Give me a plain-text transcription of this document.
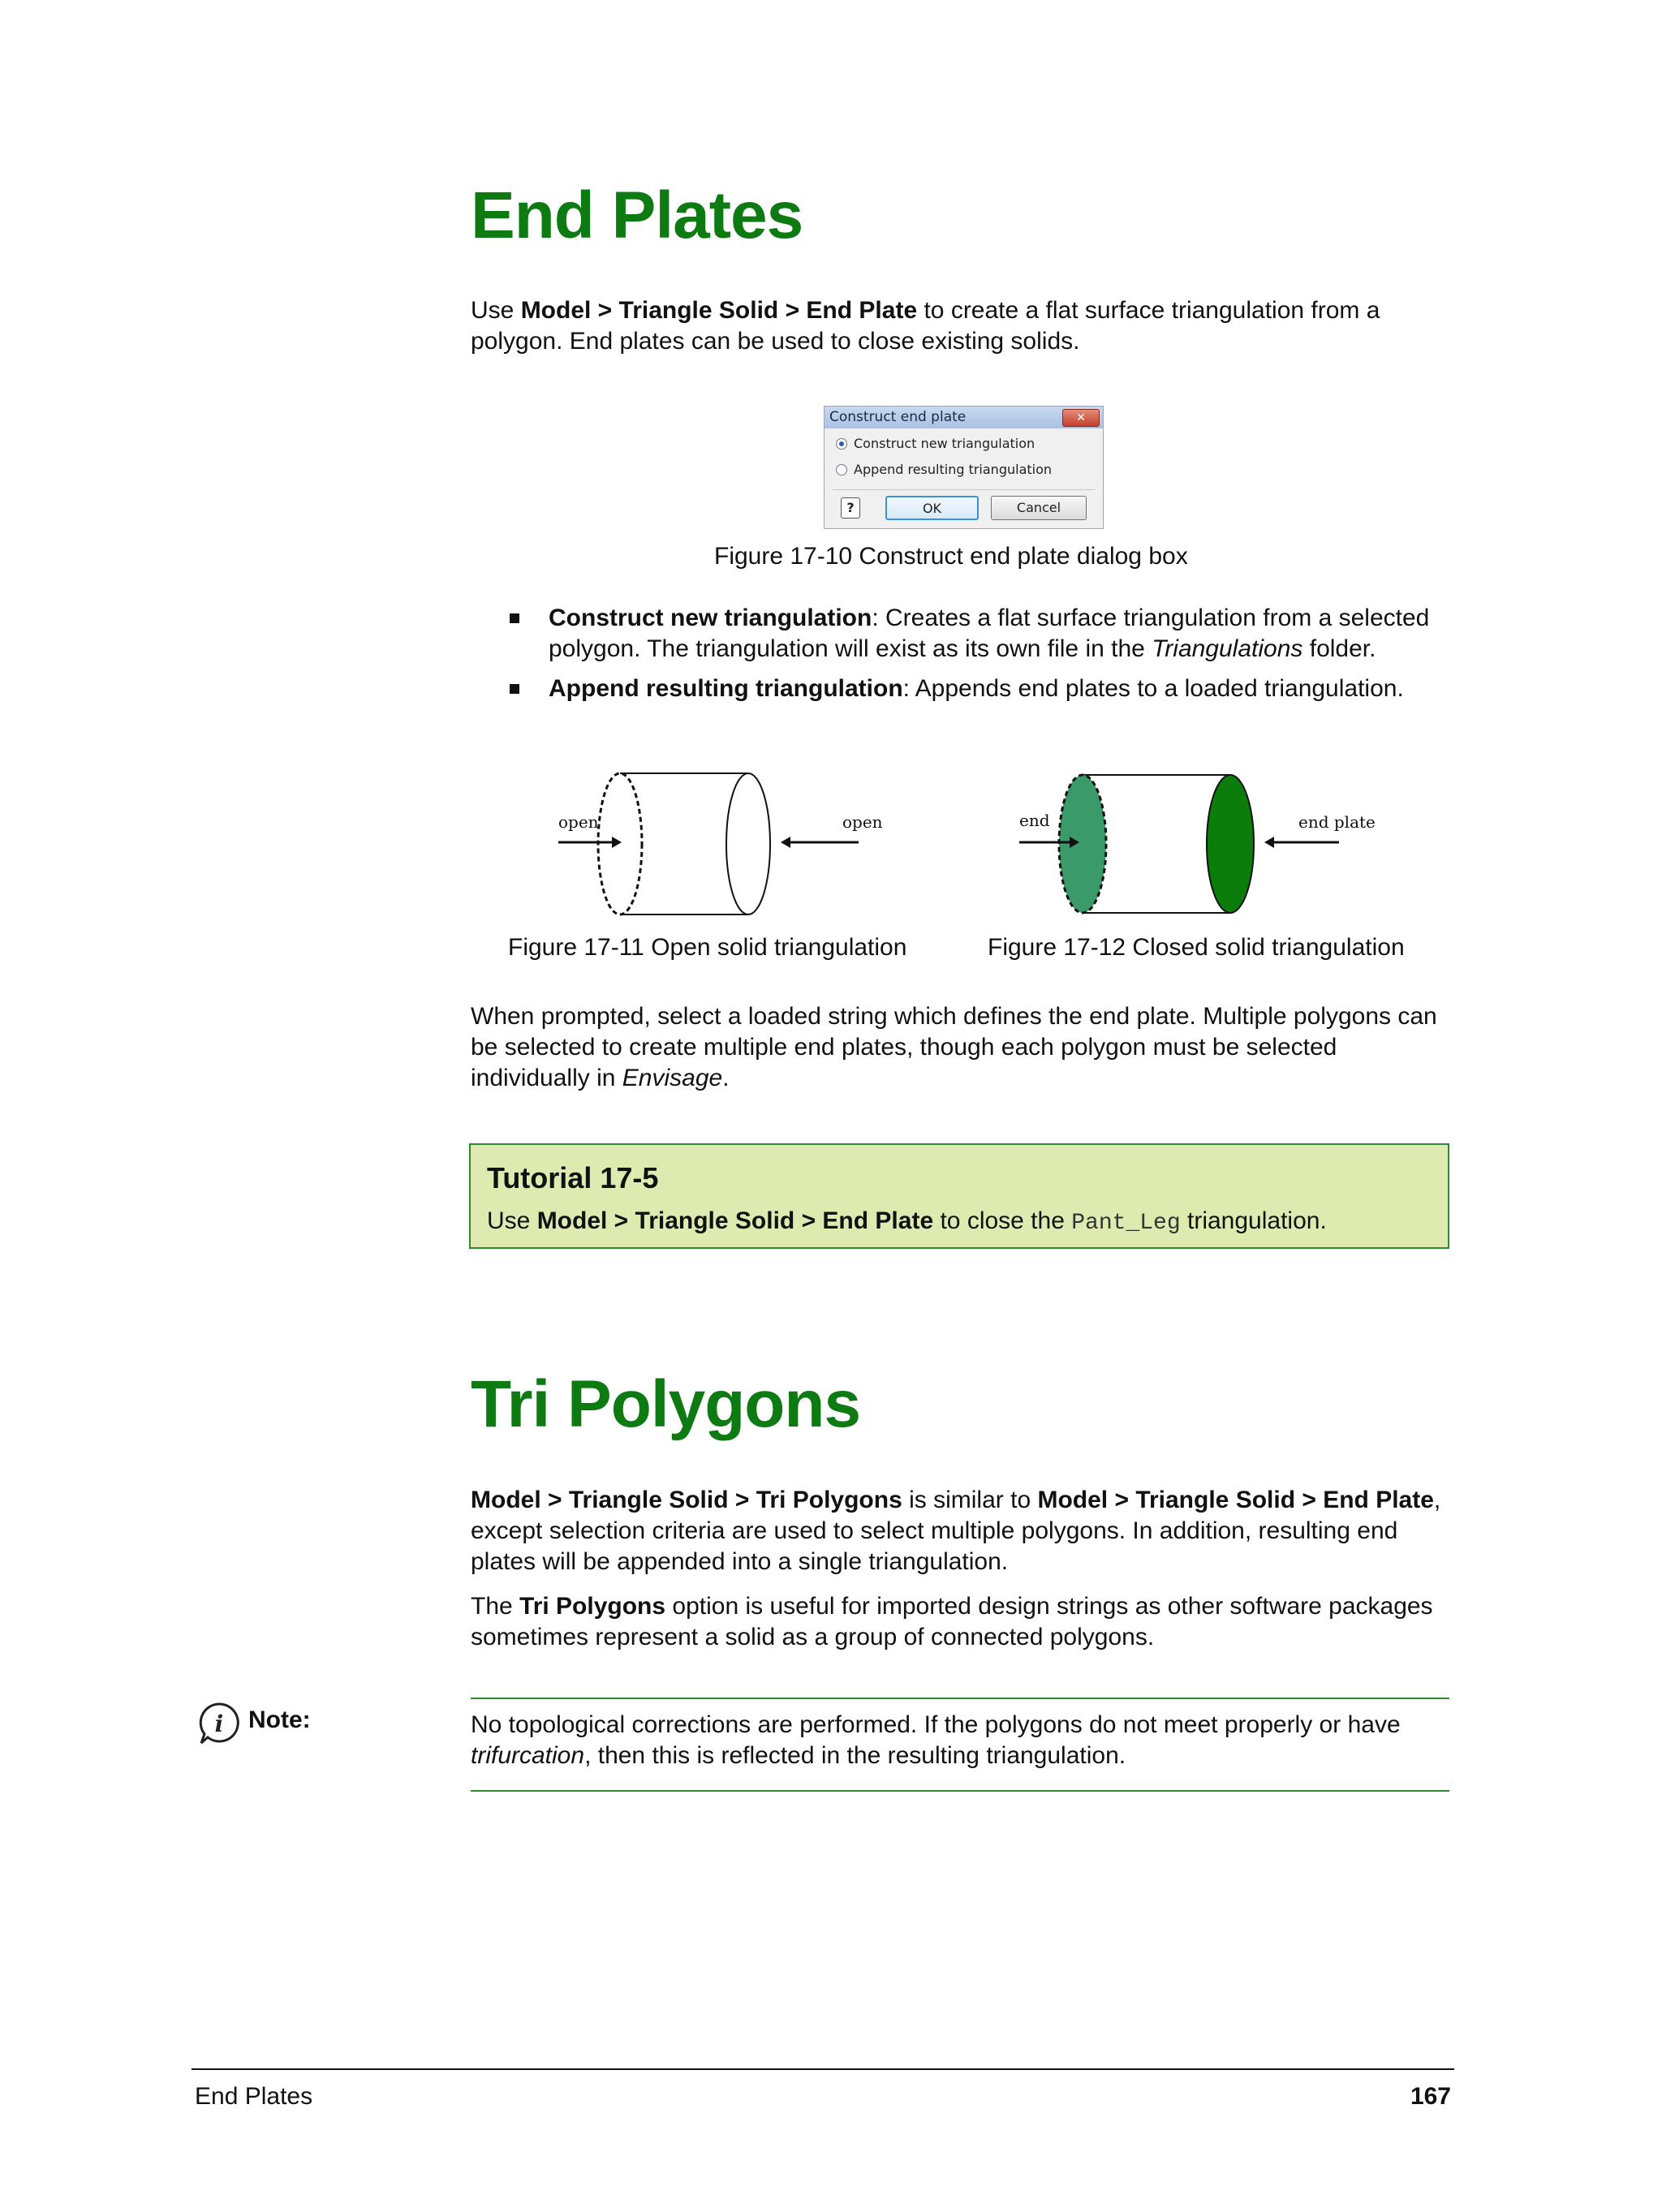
End Plates
Use Model > Triangle Solid > End Plate to create a flat surface triangulation from a
polygon. End plates can be used to close existing solids.
Construct end plate	✕
Construct new triangulation
Append resulting triangulation
?	OK	Cancel
Figure 17-10 Construct end plate dialog box
Construct new triangulation: Creates a flat surface triangulation from a selected
polygon. The triangulation will exist as its own file in the Triangulations folder.
Append resulting triangulation: Appends end plates to a loaded triangulation.
open	open	end	end plate
Figure 17-11 Open solid triangulation	Figure 17-12 Closed solid triangulation
When prompted, select a loaded string which defines the end plate. Multiple polygons can
be selected to create multiple end plates, though each polygon must be selected
individually in Envisage.
Tutorial 17-5
Use Model > Triangle Solid > End Plate to close the Pant_Leg triangulation.
Tri Polygons
Model > Triangle Solid > Tri Polygons is similar to Model > Triangle Solid > End Plate,
except selection criteria are used to select multiple polygons. In addition, resulting end
plates will be appended into a single triangulation.
The Tri Polygons option is useful for imported design strings as other software packages
sometimes represent a solid as a group of connected polygons.
i Note:	No topological corrections are performed. If the polygons do not meet properly or have
trifurcation, then this is reflected in the resulting triangulation.
End Plates	167
